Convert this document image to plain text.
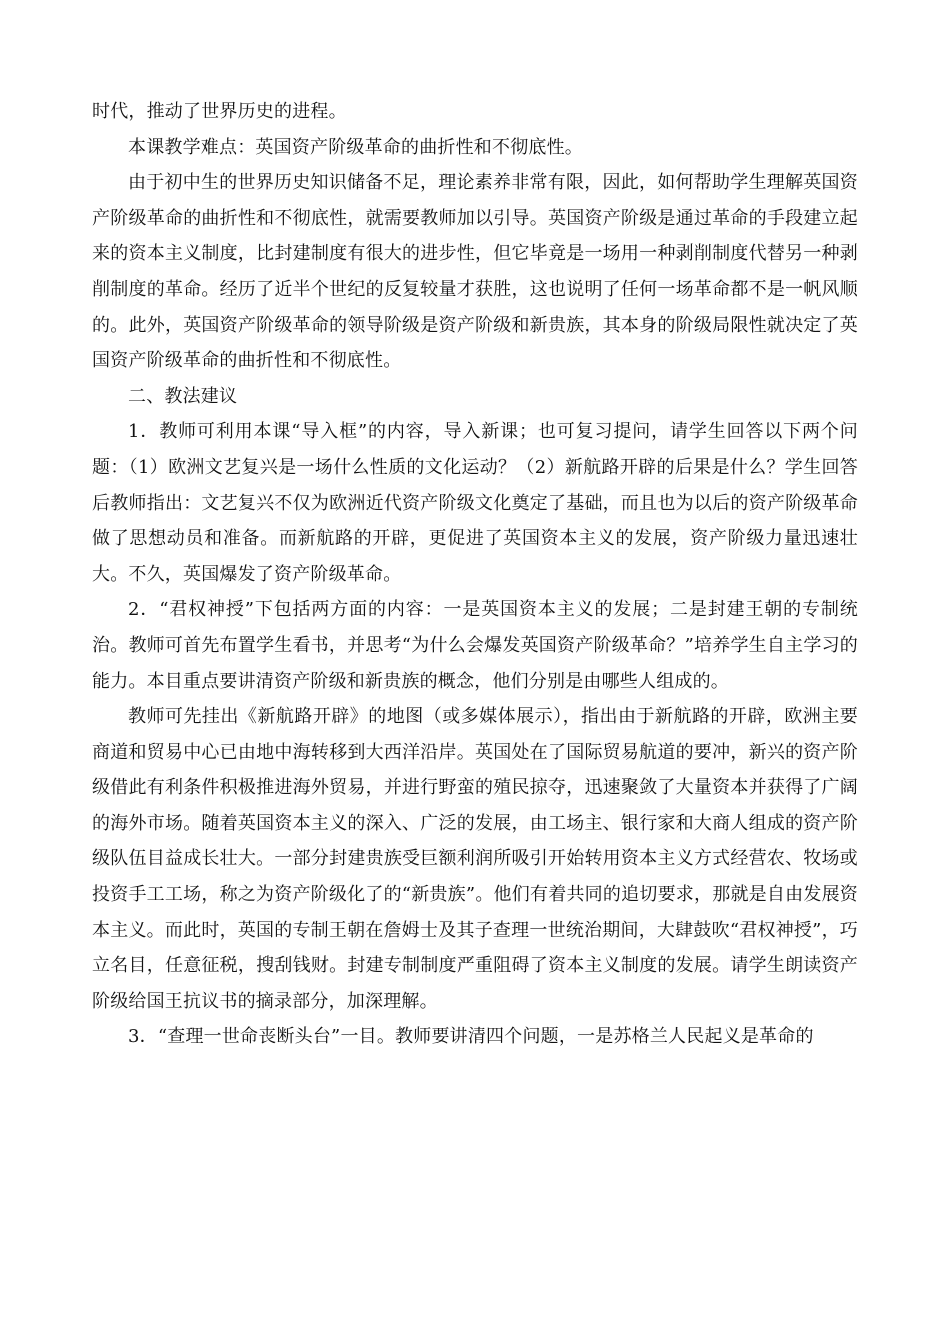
时代，推动了世界历史的进程。

本课教学难点：英国资产阶级革命的曲折性和不彻底性。

由于初中生的世界历史知识储备不足，理论素养非常有限，因此，如何帮助学生理解英国资产阶级革命的曲折性和不彻底性，就需要教师加以引导。英国资产阶级是通过革命的手段建立起来的资本主义制度，比封建制度有很大的进步性，但它毕竟是一场用一种剥削制度代替另一种剥削制度的革命。经历了近半个世纪的反复较量才获胜，这也说明了任何一场革命都不是一帆风顺的。此外，英国资产阶级革命的领导阶级是资产阶级和新贵族，其本身的阶级局限性就决定了英国资产阶级革命的曲折性和不彻底性。

二、教法建议

1．教师可利用本课“导入框”的内容，导入新课；也可复习提问，请学生回答以下两个问题：（1）欧洲文艺复兴是一场什么性质的文化运动？（2）新航路开辟的后果是什么？学生回答后教师指出：文艺复兴不仅为欧洲近代资产阶级文化奠定了基础，而且也为以后的资产阶级革命做了思想动员和准备。而新航路的开辟，更促进了英国资本主义的发展，资产阶级力量迅速壮大。不久，英国爆发了资产阶级革命。

2．“君权神授”下包括两方面的内容：一是英国资本主义的发展；二是封建王朝的专制统治。教师可首先布置学生看书，并思考“为什么会爆发英国资产阶级革命？”培养学生自主学习的能力。本目重点要讲清资产阶级和新贵族的概念，他们分别是由哪些人组成的。

教师可先挂出《新航路开辟》的地图（或多媒体展示），指出由于新航路的开辟，欧洲主要商道和贸易中心已由地中海转移到大西洋沿岸。英国处在了国际贸易航道的要冲，新兴的资产阶级借此有利条件积极推进海外贸易，并进行野蛮的殖民掠夺，迅速聚敛了大量资本并获得了广阔的海外市场。随着英国资本主义的深入、广泛的发展，由工场主、银行家和大商人组成的资产阶级队伍目益成长壮大。一部分封建贵族受巨额利润所吸引开始转用资本主义方式经营农、牧场或投资手工工场，称之为资产阶级化了的“新贵族”。他们有着共同的追切要求，那就是自由发展资本主义。而此时，英国的专制王朝在詹姆士及其子查理一世统治期间，大肆鼓吹“君权神授”，巧立名目，任意征税，搜刮钱财。封建专制制度严重阻碍了资本主义制度的发展。请学生朗读资产阶级给国王抗议书的摘录部分，加深理解。

3．“查理一世命丧断头台”一目。教师要讲清四个问题，一是苏格兰人民起义是革命的
